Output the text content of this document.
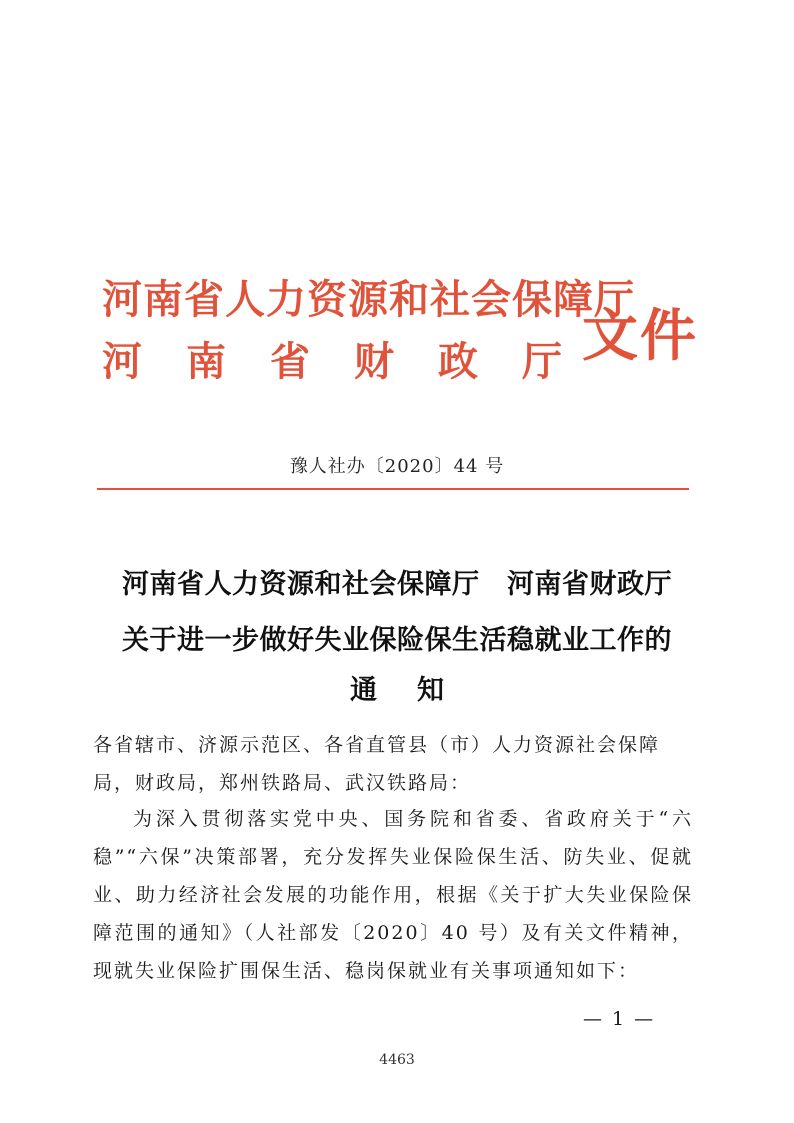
河南省人力资源和社会保障厅
河南省财政厅
文件
豫人社办〔2020〕44 号
河南省人力资源和社会保障厅　河南省财政厅
关于进一步做好失业保险保生活稳就业工作的
通知
各省辖市、济源示范区、各省直管县（市）人力资源社会保障局，财政局，郑州铁路局、武汉铁路局：
为深入贯彻落实党中央、国务院和省委、省政府关于“六稳”“六保”决策部署，充分发挥失业保险保生活、防失业、促就业、助力经济社会发展的功能作用，根据《关于扩大失业保险保障范围的通知》（人社部发〔2020〕40 号）及有关文件精神，现就失业保险扩围保生活、稳岗保就业有关事项通知如下：
— 1 —
4463
